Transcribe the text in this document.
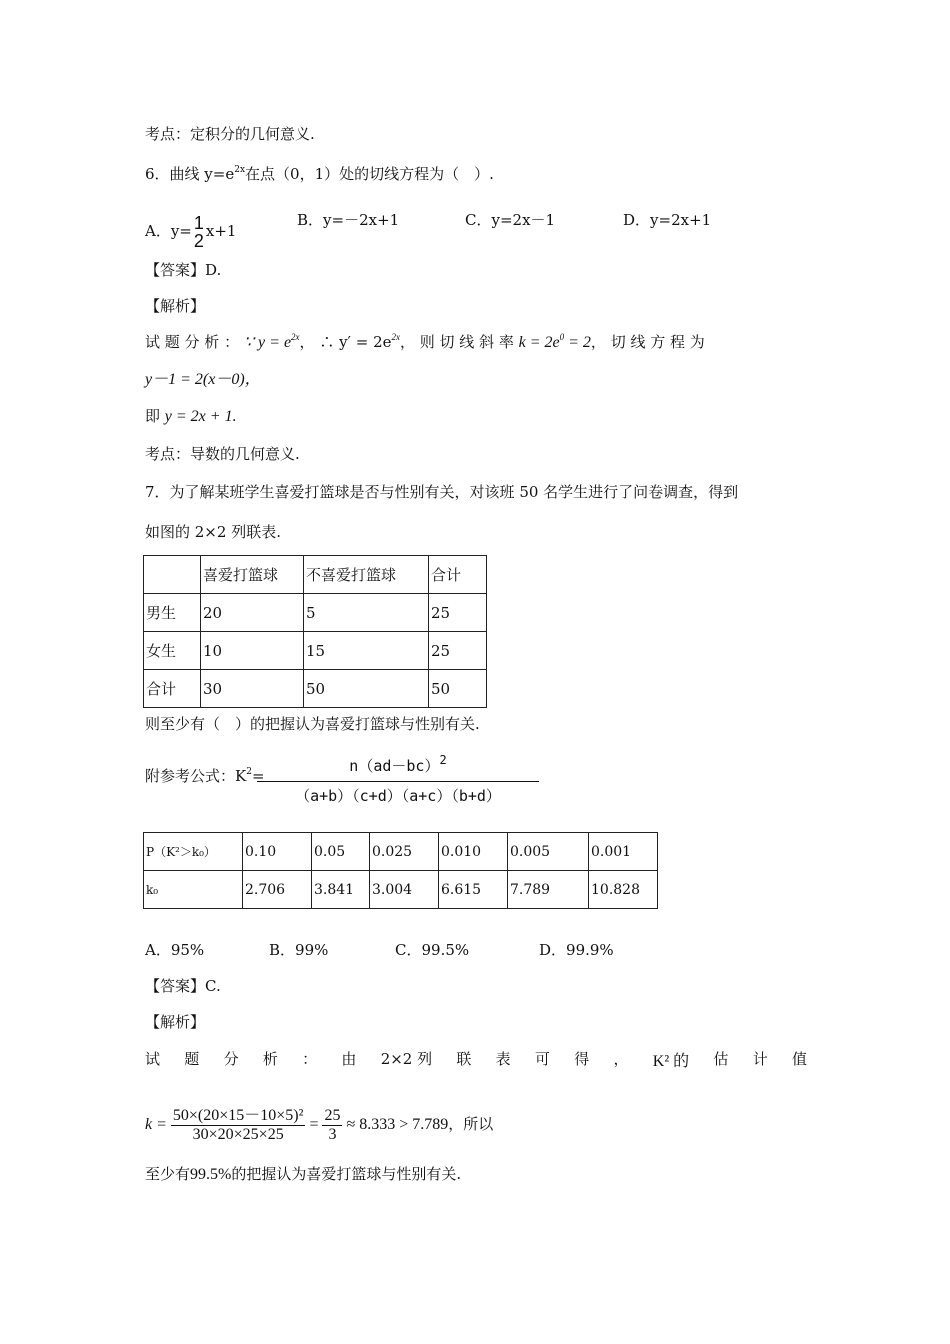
考点：定积分的几何意义.
6．曲线 $y=e^{2x}$在点（0，1）处的切线方程为（　）.
A．y= 1
2 x+1
B．y=－2x+1	C．y=2x－1	D．y=2x+1
【答案】D.
【解析】
试 题 分 析 ： ∵ $y = e^{2x}$， ∴ $y' = 2e^{2x}$， 则 切 线 斜 率 $k = 2e^0 = 2$， 切 线 方 程 为
y－1 = 2(x－0)，
即 y = 2x + 1.
考点：导数的几何意义.
7．为了解某班学生喜爱打篮球是否与性别有关，对该班 50 名学生进行了问卷调查，得到
如图的 2×2 列联表.
	喜爱打篮球	不喜爱打篮球	合计
男生	20	5	25
女生	10	15	25
合计	30	50	50
则至少有（　）的把握认为喜爱打篮球与性别有关.
附参考公式：$K^2=$
$n(ad-bc)^2$
（a+b）（c+d）（a+c）（b+d）
P（K²＞k₀）	0.10	0.05	0.025	0.010	0.005	0.001
k₀	2.706	3.841	3.004	6.615	7.789	10.828
A．95%	B．99%	C．99.5%	D．99.9%
【答案】C.
【解析】
试 题 分 析 ： 由 2×2 列 联 表 可 得 ， K² 的 估 计 值
$k = \frac{\text{50×(20×15－10×5)²}}{30\times 20\times 25\times 25} = \frac{25}{3} \approx 8.333 > 7.789$，所以
至少有99.5%的把握认为喜爱打篮球与性别有关.
